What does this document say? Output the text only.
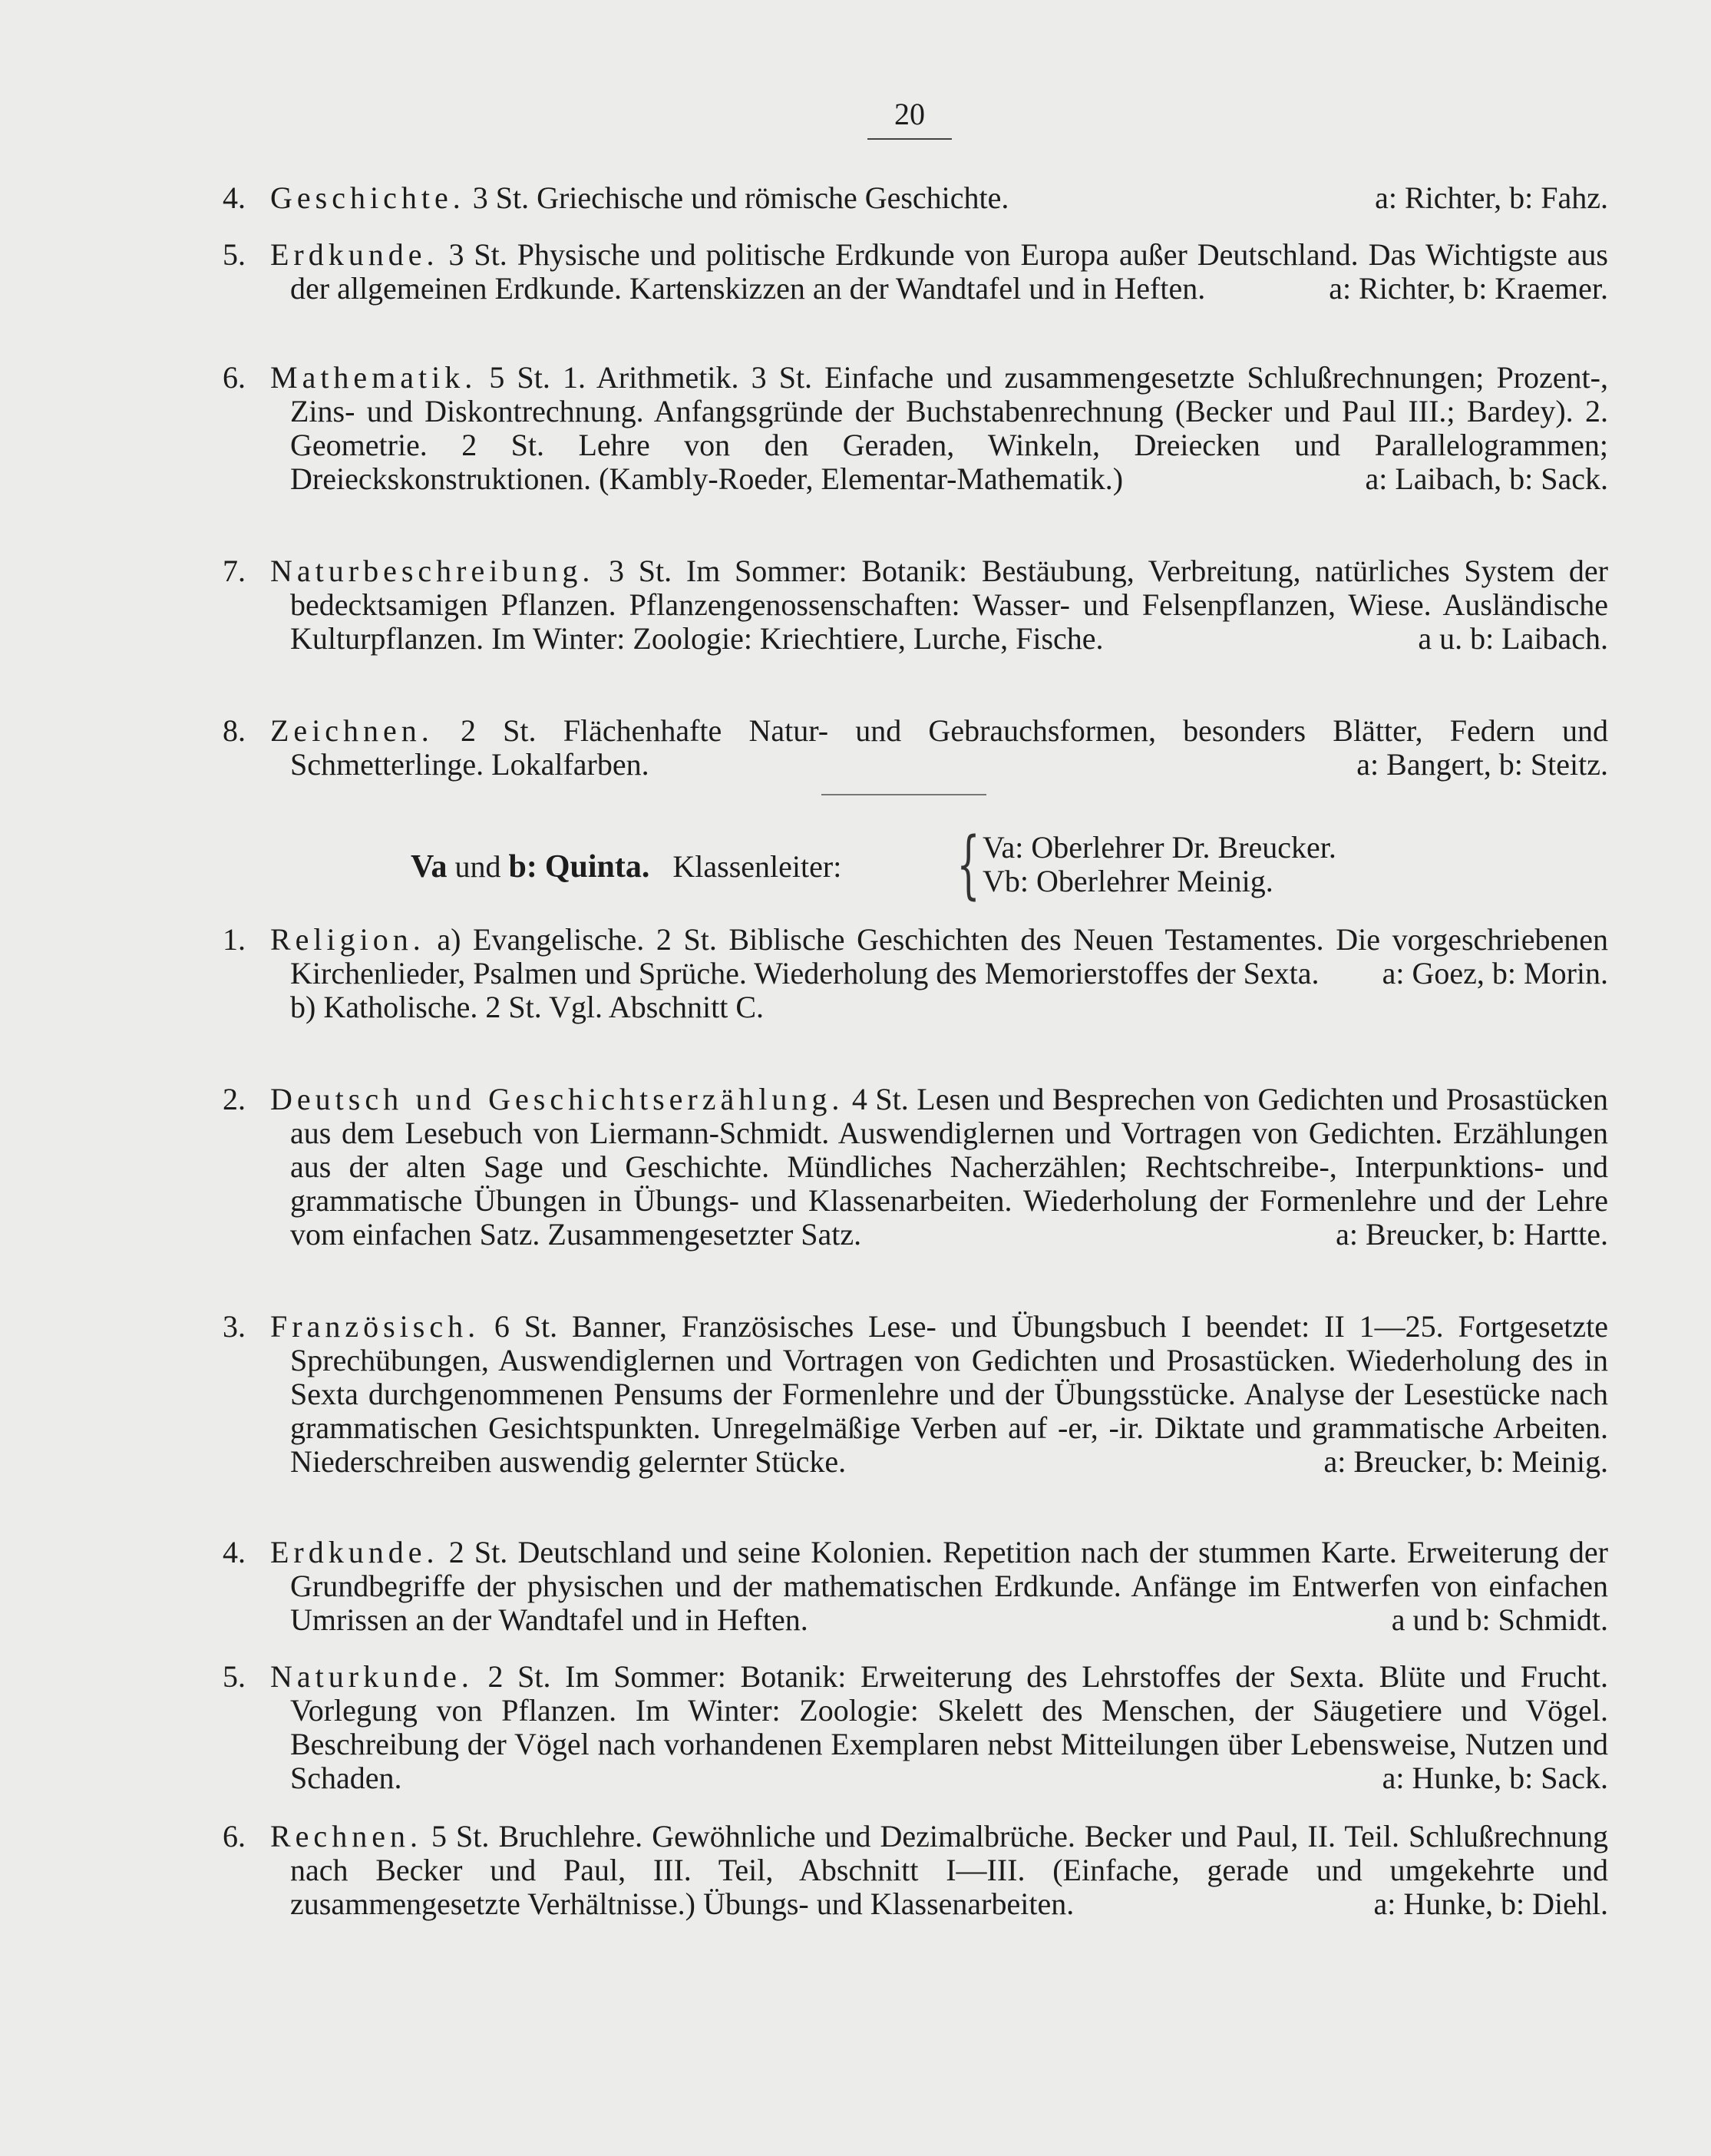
20
4. Geschichte. 3 St. Griechische und römische Geschichte.	a: Richter, b: Fahz.
5. Erdkunde. 3 St. Physische und politische Erdkunde von Europa außer Deutschland. Das Wichtigste aus der allgemeinen Erdkunde. Kartenskizzen an der Wandtafel und in Heften.	a: Richter, b: Kraemer.
6. Mathematik. 5 St. 1. Arithmetik. 3 St. Einfache und zusammengesetzte Schlußrechnungen; Prozent-, Zins- und Diskontrechnung. Anfangsgründe der Buchstabenrechnung (Becker und Paul III.; Bardey). 2. Geometrie. 2 St. Lehre von den Geraden, Winkeln, Dreiecken und Parallelogrammen; Dreieckskonstruktionen. (Kambly-Roeder, Elementar-Mathematik.)	a: Laibach, b: Sack.
7. Naturbeschreibung. 3 St. Im Sommer: Botanik: Bestäubung, Verbreitung, natürliches System der bedecktsamigen Pflanzen. Pflanzengenossenschaften: Wasser- und Felsenpflanzen, Wiese. Ausländische Kulturpflanzen. Im Winter: Zoologie: Kriechtiere, Lurche, Fische.	a u. b: Laibach.
8. Zeichnen. 2 St. Flächenhafte Natur- und Gebrauchsformen, besonders Blätter, Federn und Schmetterlinge. Lokalfarben.	a: Bangert, b: Steitz.
Va und b: Quinta. Klassenleiter: { Va: Oberlehrer Dr. Breucker.
Vb: Oberlehrer Meinig.
1. Religion. a) Evangelische. 2 St. Biblische Geschichten des Neuen Testamentes. Die vorgeschriebenen Kirchenlieder, Psalmen und Sprüche. Wiederholung des Memorierstoffes der Sexta.	a: Goez, b: Morin.
b) Katholische. 2 St. Vgl. Abschnitt C.
2. Deutsch und Geschichtserzählung. 4 St. Lesen und Besprechen von Gedichten und Prosastücken aus dem Lesebuch von Liermann-Schmidt. Auswendiglernen und Vortragen von Gedichten. Erzählungen aus der alten Sage und Geschichte. Mündliches Nacherzählen; Rechtschreibe-, Interpunktions- und grammatische Übungen in Übungs- und Klassenarbeiten. Wiederholung der Formenlehre und der Lehre vom einfachen Satz. Zusammengesetzter Satz.	a: Breucker, b: Hartte.
3. Französisch. 6 St. Banner, Französisches Lese- und Übungsbuch I beendet: II 1—25. Fortgesetzte Sprechübungen, Auswendiglernen und Vortragen von Gedichten und Prosastücken. Wiederholung des in Sexta durchgenommenen Pensums der Formenlehre und der Übungsstücke. Analyse der Lesestücke nach grammatischen Gesichtspunkten. Unregelmäßige Verben auf -er, -ir. Diktate und grammatische Arbeiten. Niederschreiben auswendig gelernter Stücke.	a: Breucker, b: Meinig.
4. Erdkunde. 2 St. Deutschland und seine Kolonien. Repetition nach der stummen Karte. Erweiterung der Grundbegriffe der physischen und der mathematischen Erdkunde. Anfänge im Entwerfen von einfachen Umrissen an der Wandtafel und in Heften.	a und b: Schmidt.
5. Naturkunde. 2 St. Im Sommer: Botanik: Erweiterung des Lehrstoffes der Sexta. Blüte und Frucht. Vorlegung von Pflanzen. Im Winter: Zoologie: Skelett des Menschen, der Säugetiere und Vögel. Beschreibung der Vögel nach vorhandenen Exemplaren nebst Mitteilungen über Lebensweise, Nutzen und Schaden.	a: Hunke, b: Sack.
6. Rechnen. 5 St. Bruchlehre. Gewöhnliche und Dezimalbrüche. Becker und Paul, II. Teil. Schlußrechnung nach Becker und Paul, III. Teil, Abschnitt I—III. (Einfache, gerade und umgekehrte und zusammengesetzte Verhältnisse.) Übungs- und Klassenarbeiten.	a: Hunke, b: Diehl.
